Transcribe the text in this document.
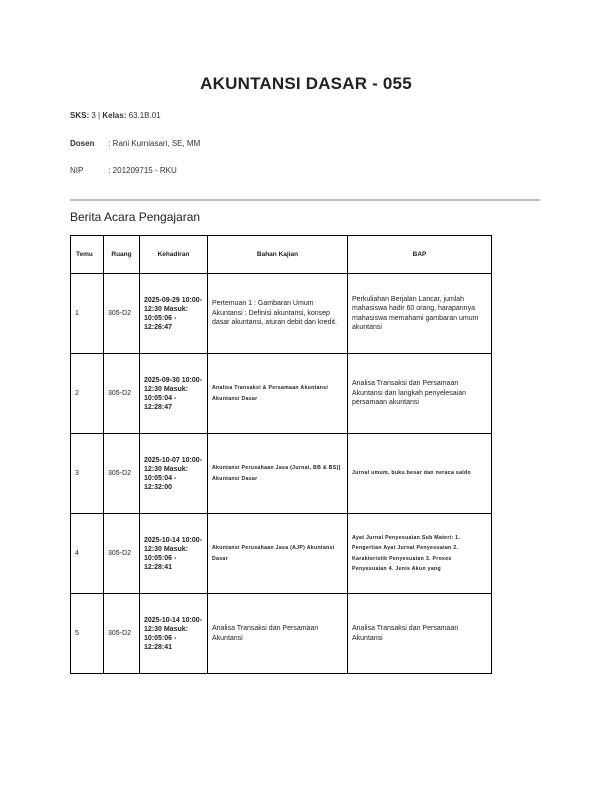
AKUNTANSI DASAR - 055
SKS: 3 | Kelas: 63.1B.01
Dosen : Rani Kurniasari, SE, MM
NIP	: 201209715 - RKU
Berita Acara Pengajaran
Temu	Ruang	Kehadiran	Bahan Kajian	BAP
1	305-D2	2025-09-29 10:00-12:30 Masuk: 10:05:06 - 12:26:47	Pertemuan 1 : Gambaran Umum Akuntansi : Definisi akuntansi, konsep dasar akuntansi, aturan debit dan kredit.	Perkuliahan Berjalan Lancar, jumlah mahasiswa hadir 60 orang, harapannya mahasiswa memahami gambaran umum akuntansi
2	305-D2	2025-09-30 10:00-12:30 Masuk: 10:05:04 - 12:28:47	Analisa Transaksi & Persamaan Akuntansi Akuntansi Dasar	Analisa Transaksi dan Persamaan Akuntansi dan langkah penyelesaian persamaan akuntansi
3	305-D2	2025-10-07 10:00-12:30 Masuk: 10:05:04 - 12:32:00	Akuntansi Perusahaan Jasa (Jurnal, BB & BS)] Akuntansi Dasar	Jurnal umum, buku besar dan neraca saldo
4	305-D2	2025-10-14 10:00-12:30 Masuk: 10:05:06 - 12:28:41	Akuntansi Perusahaan Jasa (AJP) Akuntansi Dasar	Ayat Jurnal Penyesuaian Sub Materi: 1. Pengertian Ayat Jurnal Penyesuaian 2. Karakteristik Penyesuaian 3. Proses Penyesuaian 4. Jenis Akun yang
5	305-D2	2025-10-14 10:00-12:30 Masuk: 10:05:06 - 12:28:41	Analisa Transaksi dan Persamaan Akuntansi	Analisa Transaksi dan Persamaan Akuntansi
